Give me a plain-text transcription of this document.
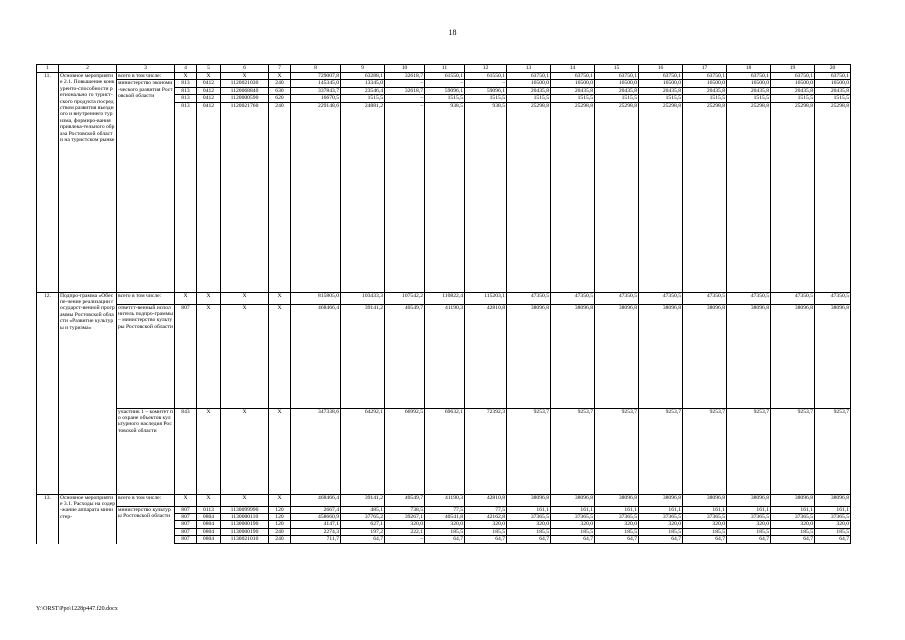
18
1	2	3	4	5	6	7	8	9	10	11	12	13	14	15	16	17	18	19	20
11.	Основное мероприятие 2.1. Повышение конкуренто-способности регионально го турист-ского продукта посредством развития въездного и внутреннего туризма, формиро-вания привлека-тельного образа Ростовской области на туристском рынке	всего в том числе:	X	X	X	X	729007,8	63288,1	32618,7	61550,1	61550,1	63750,1	63750,1	63750,1	63750,1	63750,1	63750,1	63750,1	63750,1
		министерство экономи-ческого развития Ростовской области	813	0412	1120021030	240	145345,0	13345,0	–	–	–	16500,0	16500,0	16500,0	16500,0	16500,0	16500,0	16500,0	16500,0
			813	0412	1120068840	630	337843,7	23546,4	32618,7	59096,1	59096,1	20435,8	20435,8	20435,8	20435,8	20435,8	20435,8	20435,8	20435,8
			813	0412	1120000590	620	16670,5	1515,5	–	1515,5	1515,5	1515,5	1515,5	1515,5	1515,5	1515,5	1515,5	1515,5	1515,5
			813	0412	1120021760	240	229148,6	24881,2	–	938,5	938,5	25298,8	25298,8	25298,8	25298,8	25298,8	25298,8	25298,8	25298,8
12.	Подпро-грамма «Обеспе-чение реализации государст-венной программы Ростовской области «Развитие культуры и туризма»	всего в том числе:	X	X	X	X	815805,0	103433,3	107542,2	110822,4	115203,1	47350,5	47350,5	47350,5	47350,5	47350,5	47350,5	47350,5	47350,5
		ответст-венный исполнитель подпро-граммы – министерство культуры Ростовской области	807	X	X	X	468466,4	39141,2	40549,7	41190,3	42810,8	38096,8	38096,8	38096,8	38096,8	38096,8	38096,8	38096,8	38096,8
		участник 1 – комитет по охране объектов культурного наследия Ростовской области	843	X	X	X	347338,6	64292,1	66992,5	69632,1	72392,3	9253,7	9253,7	9253,7	9253,7	9253,7	9253,7	9253,7	9253,7
13.	Основное мероприятие 3.1. Расходы на содер-жание аппарата министер-	всего в том числе:	X	X	X	X	468466,4	39141,2	40549,7	41190,3	42810,8	38096,8	38096,8	38096,8	38096,8	38096,8	38096,8	38096,8	38096,8
		министерство культуры Ростовской области	807	0113	1130099990	120	2667,4	485,1	738,5	77,5	77,5	161,1	161,1	161,1	161,1	161,1	161,1	161,1	161,1
			807	0804	1130000110	120	458660,9	37765,2	39267,1	40541,8	42162,8	37365,5	37365,5	37365,5	37365,5	37365,5	37365,5	37365,5	37365,5
			807	0804	1130000190	120	4147,1	627,1	320,0	320,0	320,0	320,0	320,0	320,0	320,0	320,0	320,0	320,0	320,0
			807	0804	1130000190	240	2274,3	197,2	222,1	185,5	185,5	185,5	185,5	185,5	185,5	185,5	185,5	185,5	185,5
			807	0804	1130021010	240	711,7	64,7	–	64,7	64,7	64,7	64,7	64,7	64,7	64,7	64,7	64,7	64,7
Y:\ORST\Ppo\1228p447.f20.docx
